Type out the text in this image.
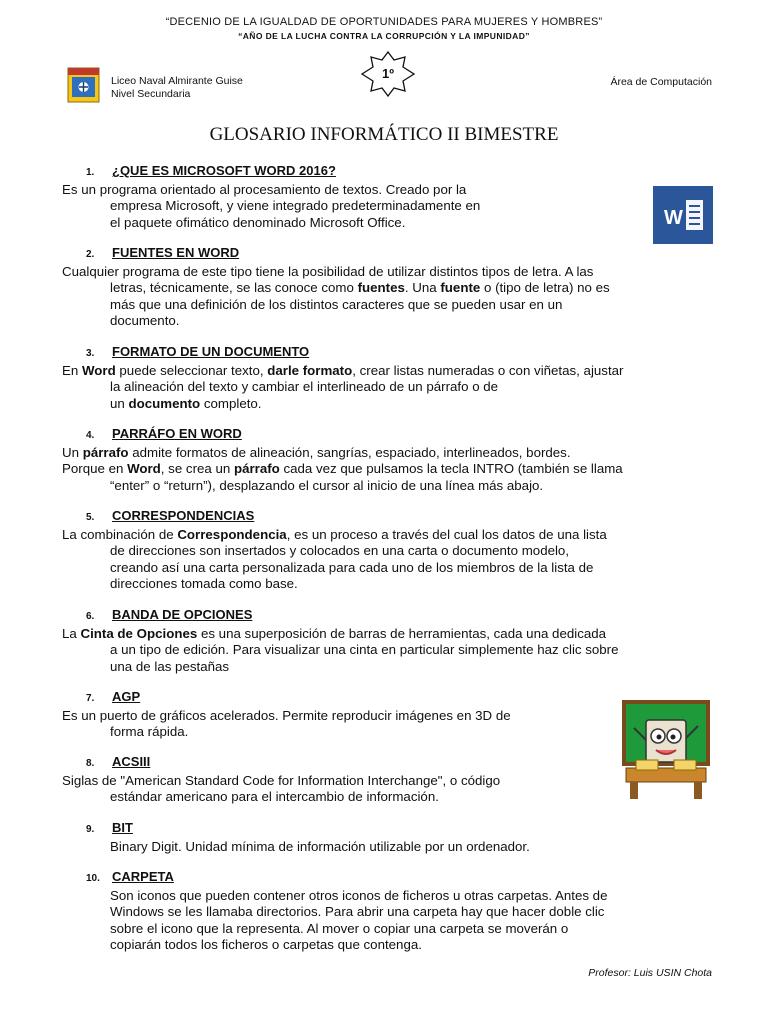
“DECENIO DE LA IGUALDAD DE OPORTUNIDADES PARA MUJERES Y HOMBRES”
“AÑO DE LA LUCHA CONTRA LA CORRUPCIÓN Y LA IMPUNIDAD”
Liceo Naval Almirante Guise
Nivel Secundaria
1º
Área de Computación
GLOSARIO INFORMÁTICO II BIMESTRE
1.	¿QUE ES MICROSOFT WORD 2016?
Es un programa orientado al procesamiento de textos. Creado por la
empresa Microsoft, y viene integrado predeterminadamente en
el paquete ofimático denominado Microsoft Office.	W
2.	FUENTES EN WORD
Cualquier programa de este tipo tiene la posibilidad de utilizar distintos tipos de letra. A las
letras, técnicamente, se las conoce como fuentes. Una fuente o (tipo de letra) no es
más que una definición de los distintos caracteres que se pueden usar en un
documento.
3.	FORMATO DE UN DOCUMENTO
En Word puede seleccionar texto, darle formato, crear listas numeradas o con viñetas, ajustar
la alineación del texto y cambiar el interlineado de un párrafo o de
un documento completo.
4.	PARRÁFO EN WORD
Un párrafo admite formatos de alineación, sangrías, espaciado, interlineados, bordes.
Porque en Word, se crea un párrafo cada vez que pulsamos la tecla INTRO (también se llama
“enter” o “return”), desplazando el cursor al inicio de una línea más abajo.
5.	CORRESPONDENCIAS
La combinación de Correspondencia, es un proceso a través del cual los datos de una lista
de direcciones son insertados y colocados en una carta o documento modelo,
creando así una carta personalizada para cada uno de los miembros de la lista de
direcciones tomada como base.
6.	BANDA DE OPCIONES
La Cinta de Opciones es una superposición de barras de herramientas, cada una dedicada
a un tipo de edición. Para visualizar una cinta en particular simplemente haz clic sobre
una de las pestañas
7.	AGP
Es un puerto de gráficos acelerados. Permite reproducir imágenes en 3D de
forma rápida.
8.	ACSIII
Siglas de "American Standard Code for Information Interchange", o código
estándar americano para el intercambio de información.
9.	BIT
Binary Digit. Unidad mínima de información utilizable por un ordenador.
10. CARPETA
Son iconos que pueden contener otros iconos de ficheros u otras carpetas. Antes de
Windows se les llamaba directorios. Para abrir una carpeta hay que hacer doble clic
sobre el icono que la representa. Al mover o copiar una carpeta se moverán o
copiarán todos los ficheros o carpetas que contenga.
Profesor: Luis USIN Chota
